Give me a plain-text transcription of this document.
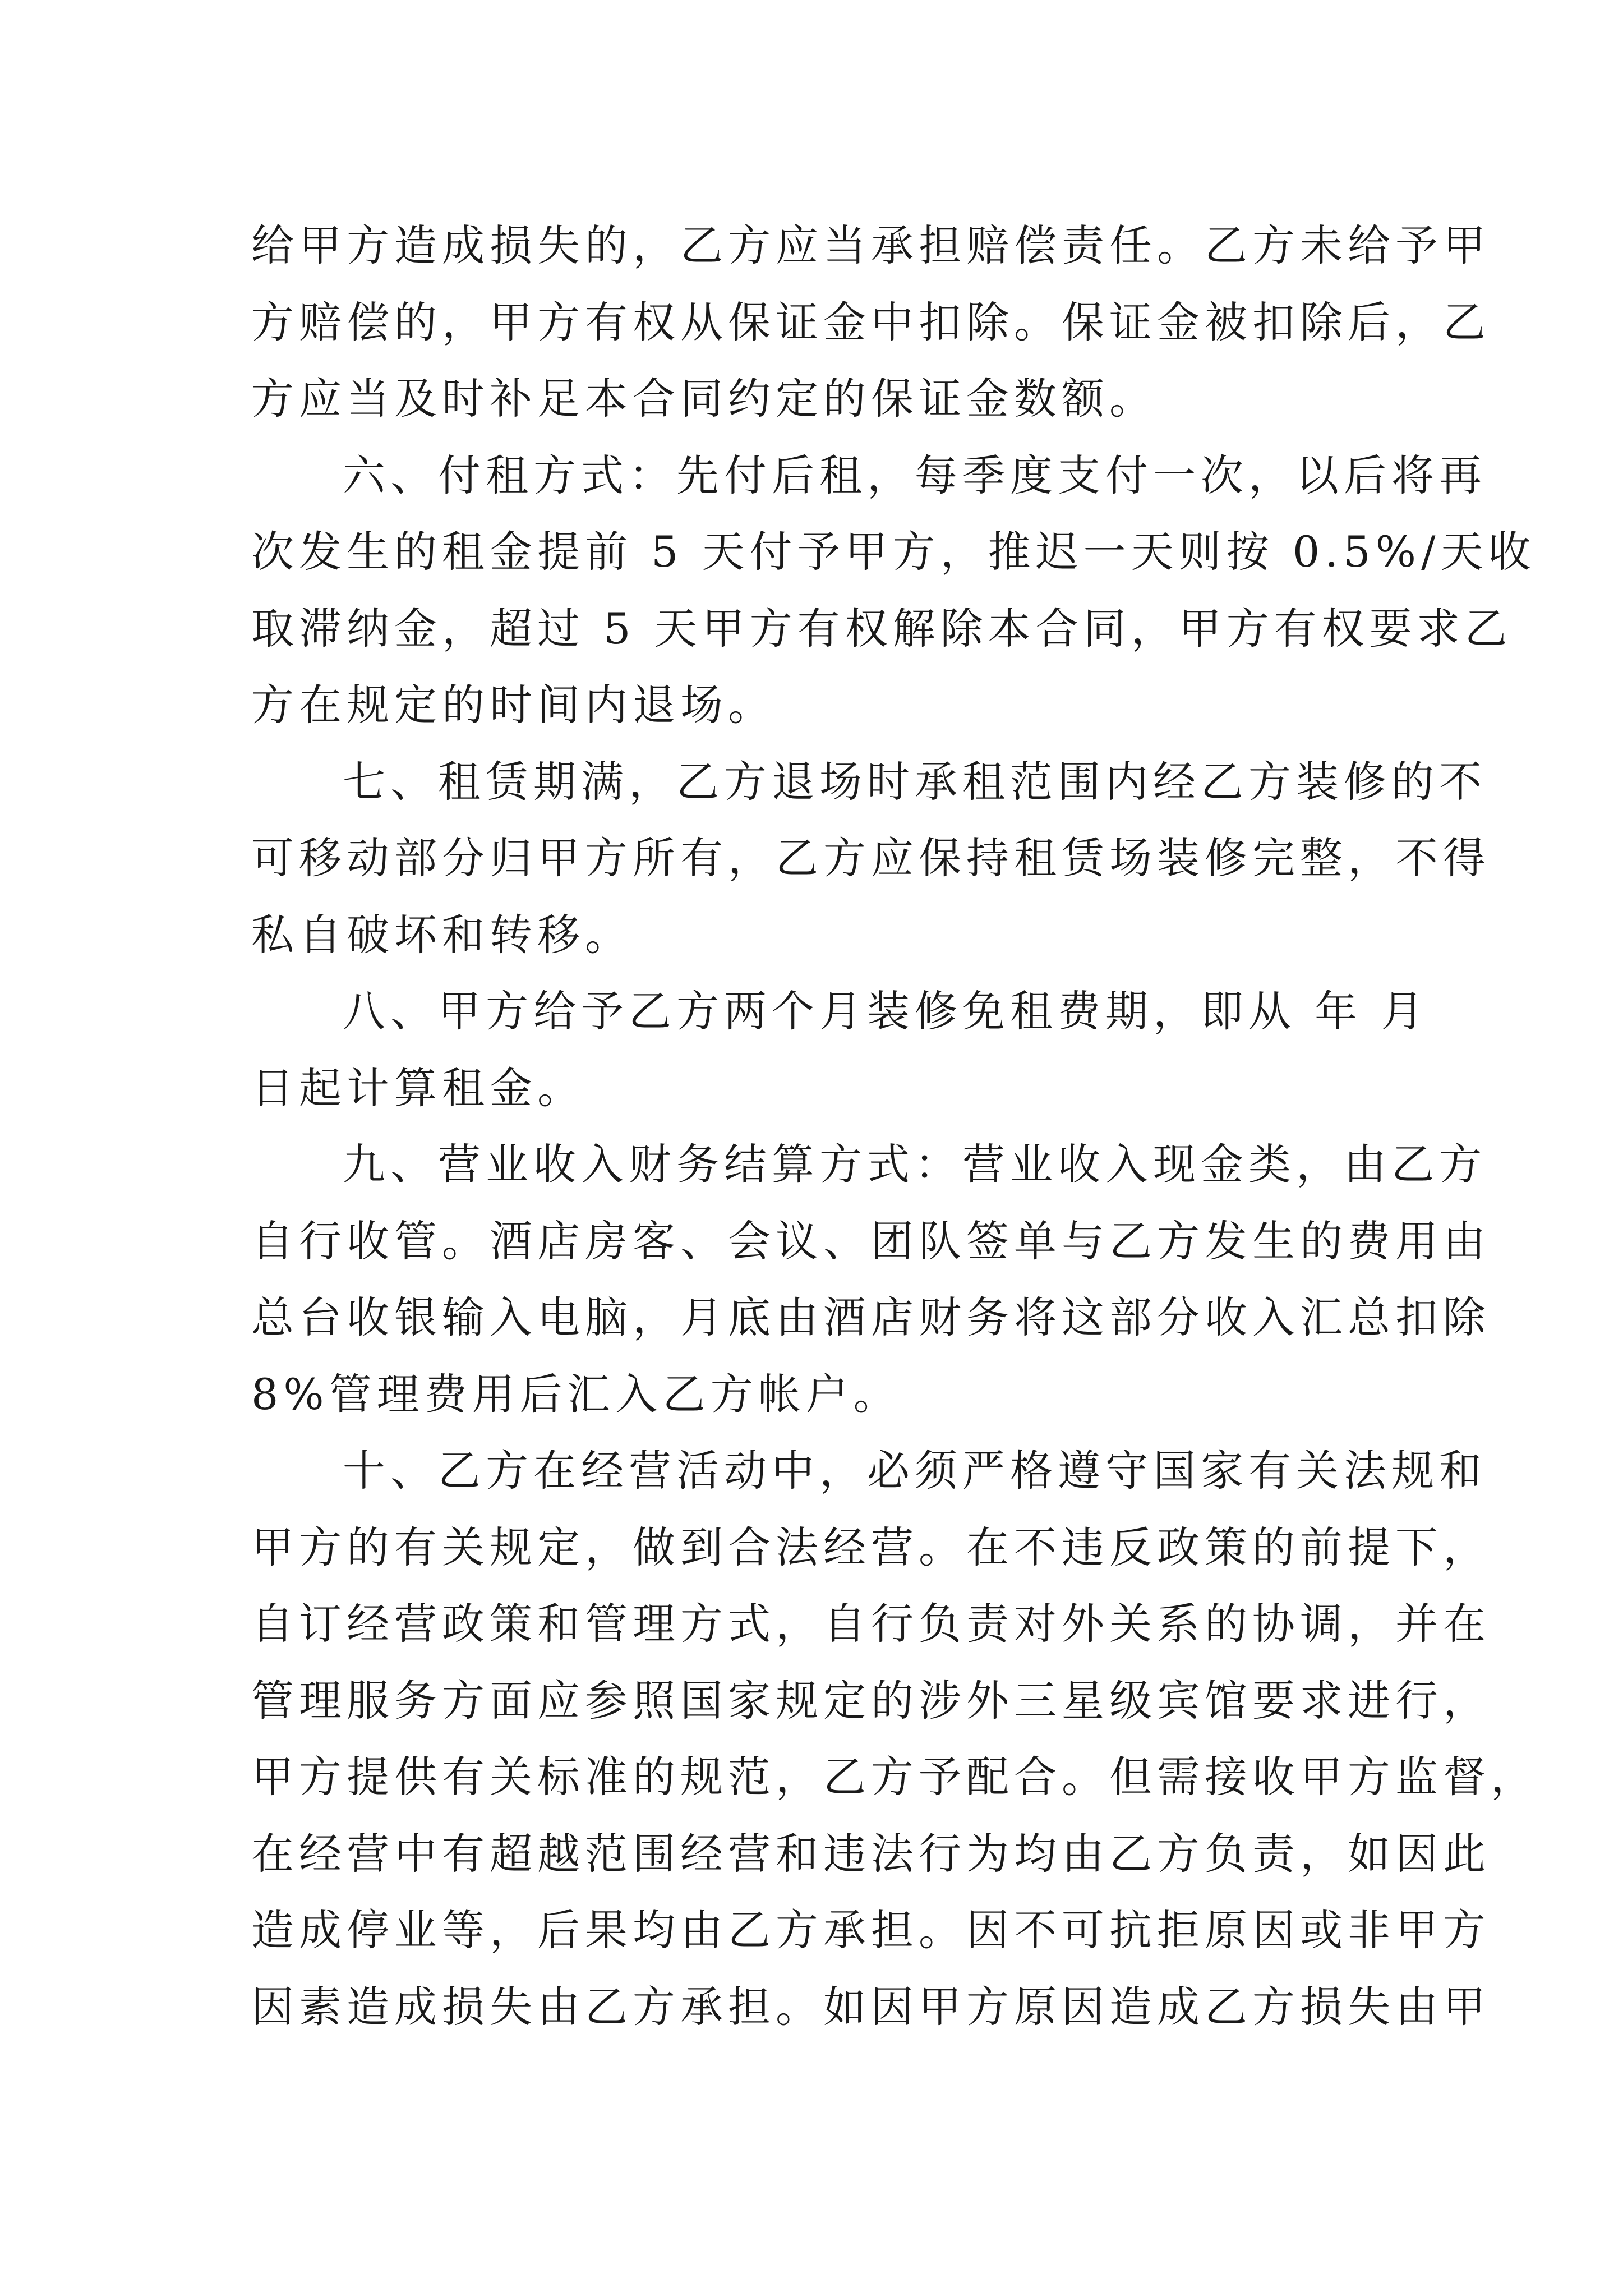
给甲方造成损失的，乙方应当承担赔偿责任。乙方未给予甲
方赔偿的，甲方有权从保证金中扣除。保证金被扣除后，乙
方应当及时补足本合同约定的保证金数额。
六、付租方式：先付后租，每季度支付一次，以后将再
次发生的租金提前 5 天付予甲方，推迟一天则按 0.5%/天收
取滞纳金，超过 5 天甲方有权解除本合同，甲方有权要求乙
方在规定的时间内退场。
七、租赁期满，乙方退场时承租范围内经乙方装修的不
可移动部分归甲方所有，乙方应保持租赁场装修完整，不得
私自破坏和转移。
八、甲方给予乙方两个月装修免租费期，即从 年 月
日起计算租金。
九、营业收入财务结算方式：营业收入现金类，由乙方
自行收管。酒店房客、会议、团队签单与乙方发生的费用由
总台收银输入电脑，月底由酒店财务将这部分收入汇总扣除
8%管理费用后汇入乙方帐户。
十、乙方在经营活动中，必须严格遵守国家有关法规和
甲方的有关规定，做到合法经营。在不违反政策的前提下，
自订经营政策和管理方式，自行负责对外关系的协调，并在
管理服务方面应参照国家规定的涉外三星级宾馆要求进行，
甲方提供有关标准的规范，乙方予配合。但需接收甲方监督，
在经营中有超越范围经营和违法行为均由乙方负责，如因此
造成停业等，后果均由乙方承担。因不可抗拒原因或非甲方
因素造成损失由乙方承担。如因甲方原因造成乙方损失由甲
